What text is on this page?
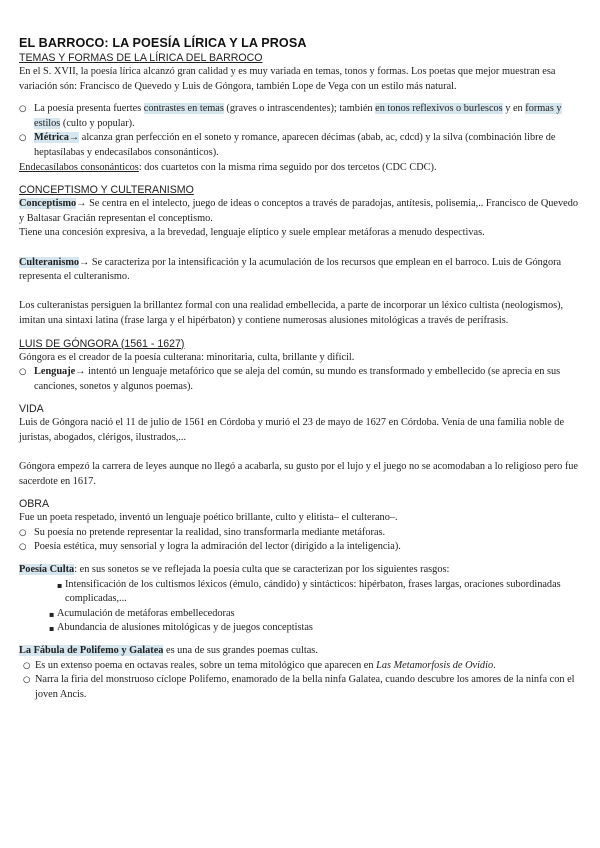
EL BARROCO: LA POESÍA LÍRICA Y LA PROSA

TEMAS Y FORMAS DE LA LÍRICA DEL BARROCO

En el S. XVII, la poesía lírica alcanzó gran calidad y es muy variada en temas, tonos y formas. Los poetas que mejor muestran esa variación són: Francisco de Quevedo y Luis de Góngora, también Lope de Vega con un estilo más natural.

○ La poesía presenta fuertes contrastes en temas (graves o intrascendentes); también en tonos reflexivos o burlescos y en formas y estilos (culto y popular).

○ Métrica→ alcanza gran perfección en el soneto y romance, aparecen décimas (abab, ac, cdcd) y la silva (combinación libre de heptasílabas y endecasílabos consonánticos).

Endecasílabos consonánticos: dos cuartetos con la misma rima seguido por dos tercetos (CDC CDC).

CONCEPTISMO Y CULTERANISMO

Conceptismo→ Se centra en el intelecto, juego de ideas o conceptos a través de paradojas, antítesis, polisemia,.. Francisco de Quevedo y Baltasar Gracián representan el conceptismo.

Tiene una concesión expresiva, a la brevedad, lenguaje elíptico y suele emplear metáforas a menudo despectivas.

Culteranismo→ Se caracteriza por la intensificación y la acumulación de los recursos que emplean en el barroco. Luis de Góngora representa el culteranismo.

Los culteranistas persiguen la brillantez formal con una realidad embellecida, a parte de incorporar un léxico cultista (neologismos), imitan una sintaxi latina (frase larga y el hipérbaton) y contiene numerosas alusiones mitológicas a través de perífrasis.

LUIS DE GÓNGORA (1561 - 1627)

Góngora es el creador de la poesía culterana: minoritaria, culta, brillante y difícil.

○ Lenguaje→ intentó un lenguaje metafórico que se aleja del común, su mundo es transformado y embellecido (se aprecia en sus canciones, sonetos y algunos poemas).

VIDA

Luis de Góngora nació el 11 de julio de 1561 en Córdoba y murió el 23 de mayo de 1627 en Córdoba. Venía de una familia noble de juristas, abogados, clérigos, ilustrados,...

Góngora empezó la carrera de leyes aunque no llegó a acabarla, su gusto por el lujo y el juego no se acomodaban a lo religioso pero fue sacerdote en 1617.

OBRA

Fue un poeta respetado, inventó un lenguaje poético brillante, culto y elitista– el culterano–.

○ Su poesía no pretende representar la realidad, sino transformarla mediante metáforas.

○ Poesía estética, muy sensorial y logra la admiración del lector (dirigido a la inteligencia).

Poesía Culta: en sus sonetos se ve reflejada la poesía culta que se caracterizan por los siguientes rasgos:

▪ Intensificación de los cultismos léxicos (émulo, cándido) y sintácticos: hipérbaton, frases largas, oraciones subordinadas complicadas,...

▪ Acumulación de metáforas embellecedoras

▪ Abundancia de alusiones mitológicas y de juegos conceptistas

La Fábula de Polifemo y Galatea es una de sus grandes poemas cultas.

○ Es un extenso poema en octavas reales, sobre un tema mitológico que aparecen en Las Metamorfosis de Ovidio.

○ Narra la firia del monstruoso cíclope Polifemo, enamorado de la bella ninfa Galatea, cuando descubre los amores de la ninfa con el joven Ancis.
